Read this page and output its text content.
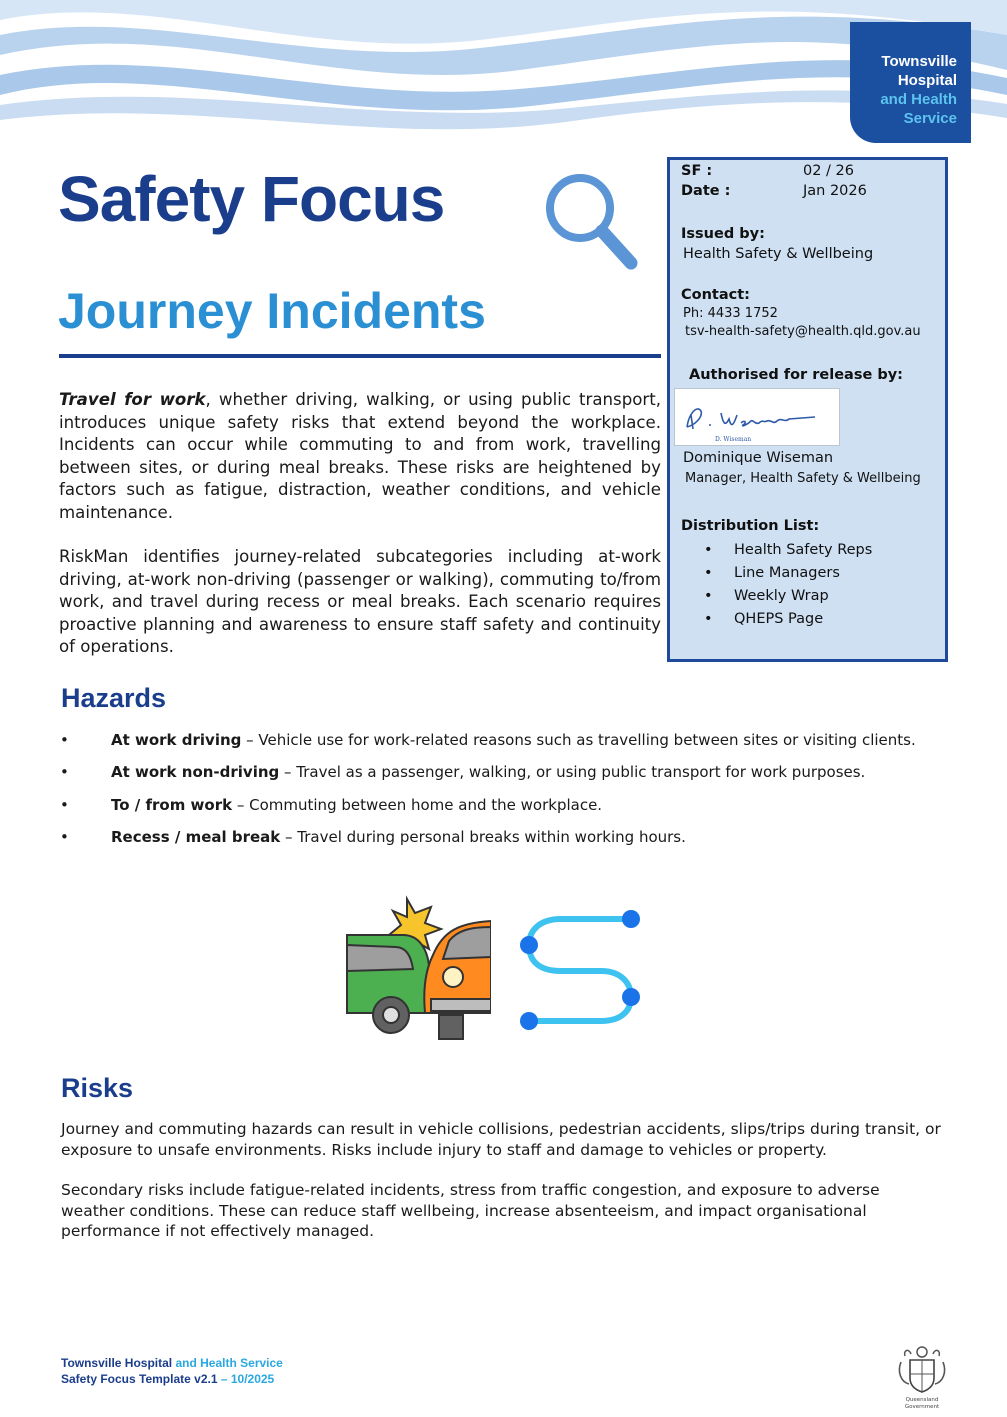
Townsville
Hospital
and Health
Service
Safety Focus
Journey Incidents

Travel for work, whether driving, walking, or using public transport, introduces unique safety risks that extend beyond the workplace. Incidents can occur while commuting to and from work, travelling between sites, or during meal breaks. These risks are heightened by factors such as fatigue, distraction, weather conditions, and vehicle maintenance.

RiskMan identifies journey-related subcategories including at-work driving, at-work non-driving (passenger or walking), commuting to/from work, and travel during recess or meal breaks. Each scenario requires proactive planning and awareness to ensure staff safety and continuity of operations.

SF :	02 / 26
Date :	Jan 2026
Issued by:
Health Safety & Wellbeing
Contact:
Ph: 4433 1752
tsv-health-safety@health.qld.gov.au
Authorised for release by:
D. Wiseman
Dominique Wiseman
Manager, Health Safety & Wellbeing
Distribution List:
• Health Safety Reps
• Line Managers
• Weekly Wrap
• QHEPS Page
Hazards
•	At work driving – Vehicle use for work-related reasons such as travelling between sites or visiting clients.
•	At work non-driving – Travel as a passenger, walking, or using public transport for work purposes.
•	To / from work – Commuting between home and the workplace.
•	Recess / meal break – Travel during personal breaks within working hours.
Risks

Journey and commuting hazards can result in vehicle collisions, pedestrian accidents, slips/trips during transit, or exposure to unsafe environments. Risks include injury to staff and damage to vehicles or property.

Secondary risks include fatigue-related incidents, stress from traffic congestion, and exposure to adverse weather conditions. These can reduce staff wellbeing, increase absenteeism, and impact organisational performance if not effectively managed.

Townsville Hospital and Health Service
Safety Focus Template v2.1 – 10/2025
Queensland
Government
